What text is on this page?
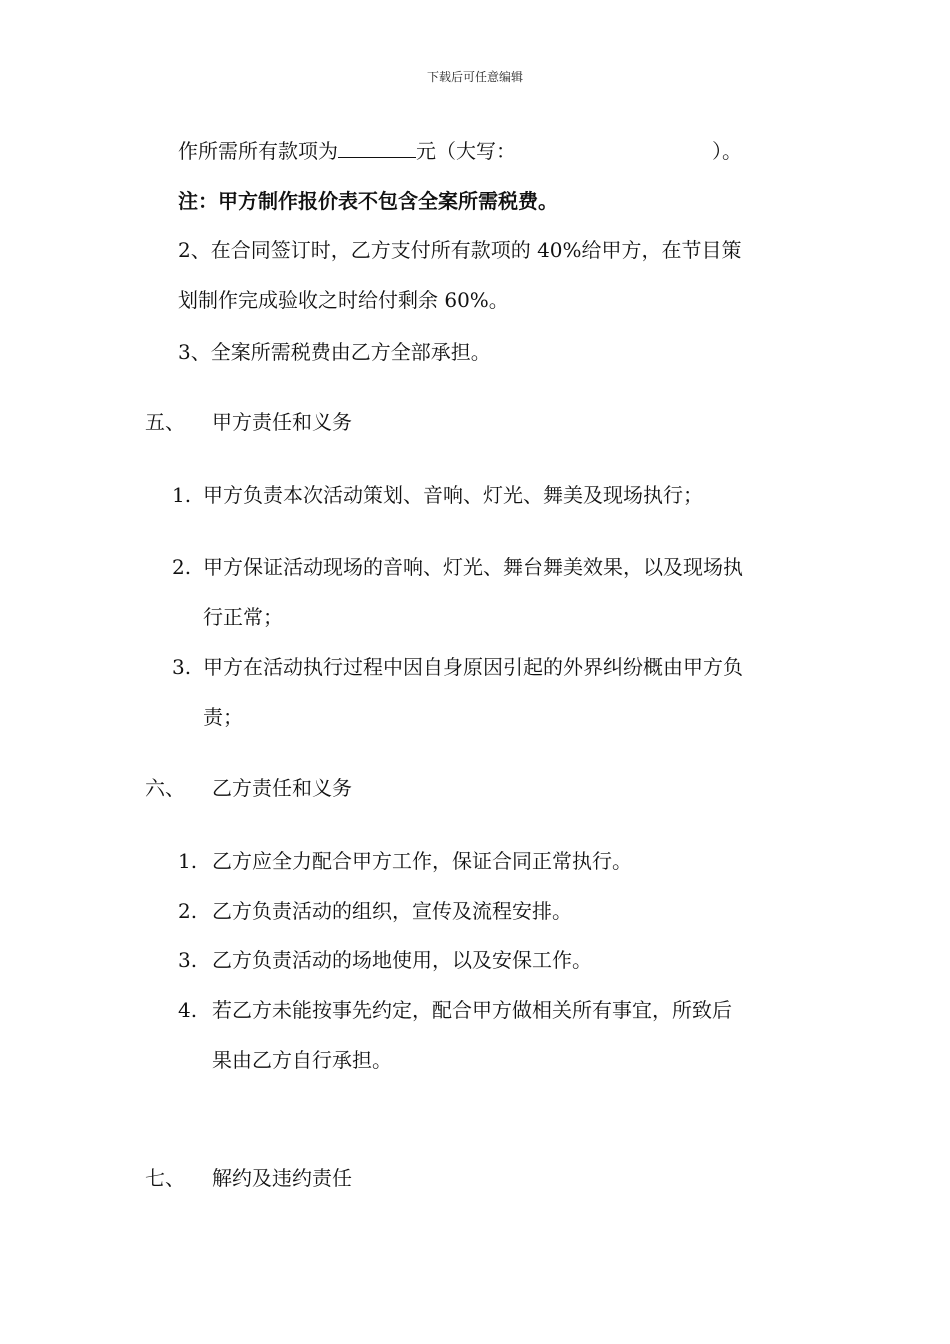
下载后可任意编辑
作所需所有款项为	元（大写：	）。
注：甲方制作报价表不包含全案所需税费。
2、在合同签订时，乙方支付所有款项的 40%给甲方，在节目策
划制作完成验收之时给付剩余 60%。
3、全案所需税费由乙方全部承担。
五、 甲方责任和义务
1. 甲方负责本次活动策划、音响、灯光、舞美及现场执行；
2. 甲方保证活动现场的音响、灯光、舞台舞美效果，以及现场执
行正常；
3. 甲方在活动执行过程中因自身原因引起的外界纠纷概由甲方负
责；
六、 乙方责任和义务
1. 乙方应全力配合甲方工作，保证合同正常执行。
2. 乙方负责活动的组织，宣传及流程安排。
3. 乙方负责活动的场地使用，以及安保工作。
4. 若乙方未能按事先约定，配合甲方做相关所有事宜，所致后
果由乙方自行承担。
七、 解约及违约责任
